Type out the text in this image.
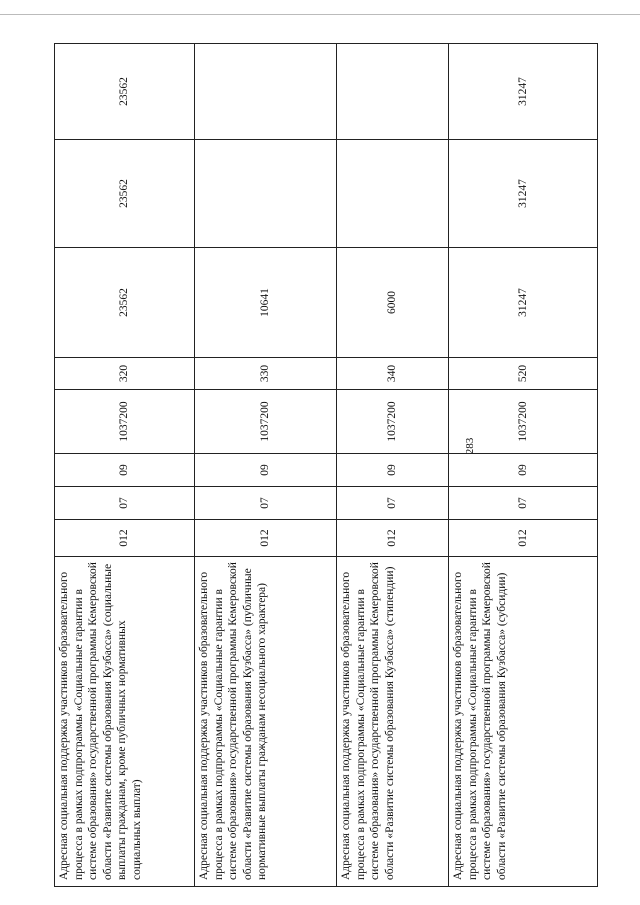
283
Адресная социальная поддержка участников образовательного процесса в рамках подпрограммы «Социальные гарантии в системе образования» государственной программы Кемеровской области «Развитие системы образования Кузбасса» (социальные выплаты гражданам, кроме публичных нормативных социальных выплат)	012	07	09	1037200	320	23562	23562	23562
Адресная социальная поддержка участников образовательного процесса в рамках подпрограммы «Социальные гарантии в системе образования» государственной программы Кемеровской области «Развитие системы образования Кузбасса» (публичные нормативные выплаты гражданам несоциального характера)	012	07	09	1037200	330	10641		
Адресная социальная поддержка участников образовательного процесса в рамках подпрограммы «Социальные гарантии в системе образования» государственной программы Кемеровской области «Развитие системы образования Кузбасса» (стипендии)	012	07	09	1037200	340	6000		
Адресная социальная поддержка участников образовательного процесса в рамках подпрограммы «Социальные гарантии в системе образования» государственной программы Кемеровской области «Развитие системы образования Кузбасса» (субсидии)	012	07	09	1037200	520	31247	31247	31247
